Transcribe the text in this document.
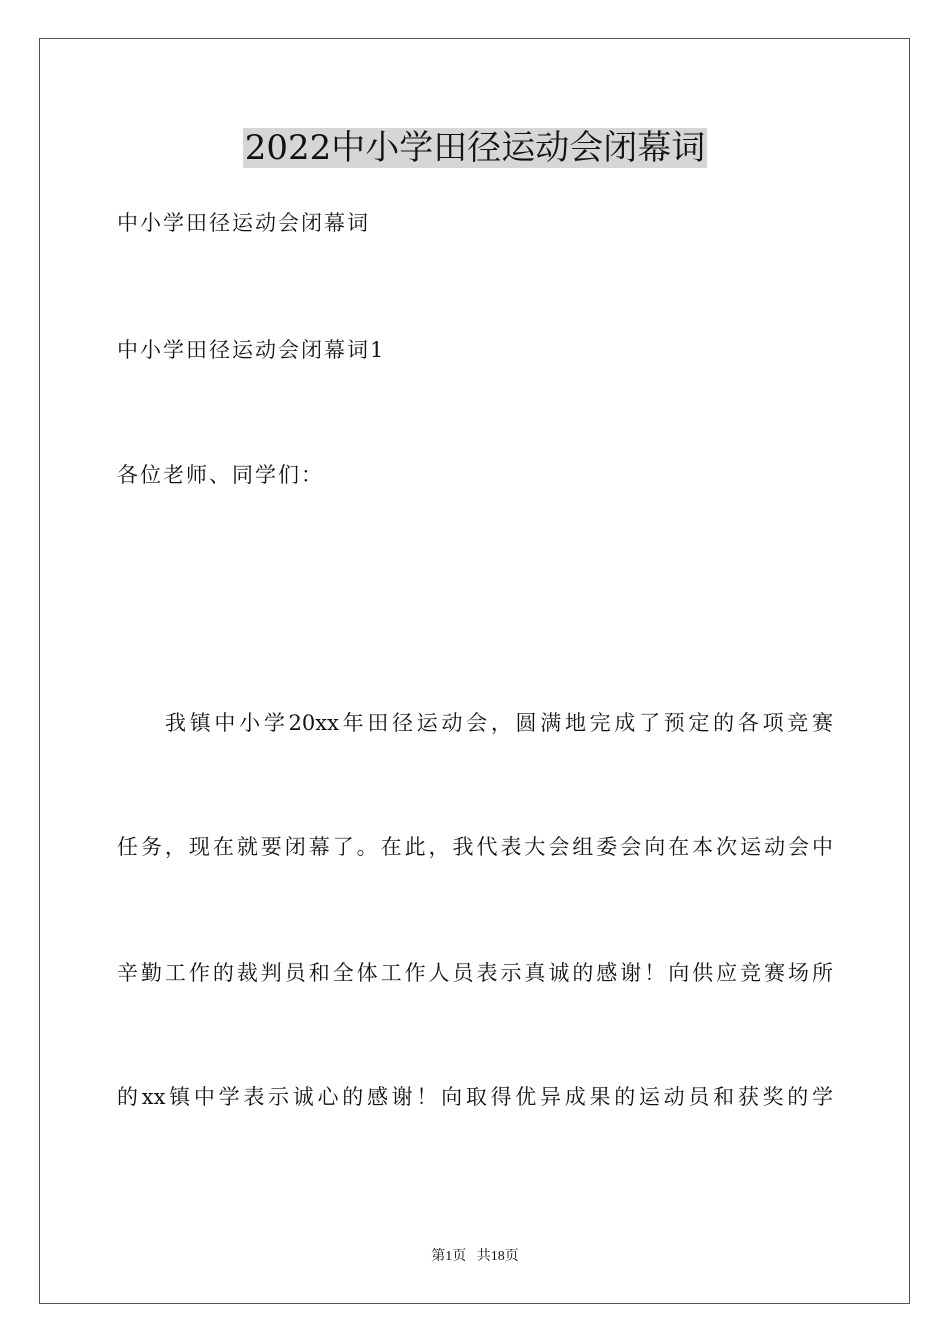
2022中小学田径运动会闭幕词
中小学田径运动会闭幕词
中小学田径运动会闭幕词1
各位老师、同学们：
我镇中小学20xx年田径运动会，圆满地完成了预定的各项竞赛
任务，现在就要闭幕了。在此，我代表大会组委会向在本次运动会中
辛勤工作的裁判员和全体工作人员表示真诚的感谢！向供应竞赛场所
的xx镇中学表示诚心的感谢！向取得优异成果的运动员和获奖的学
第1页   共18页
